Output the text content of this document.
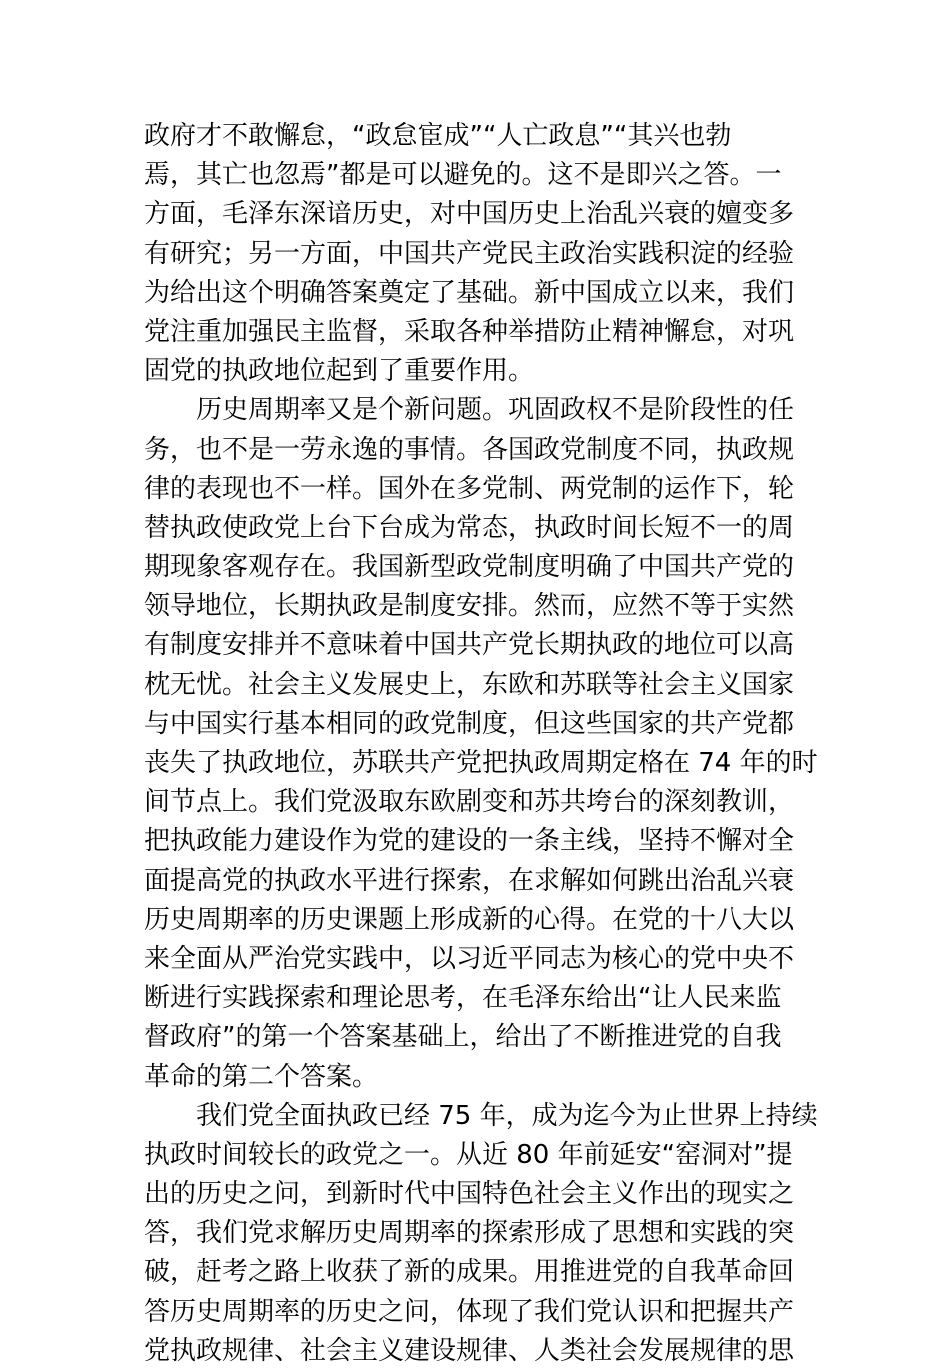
政府才不敢懈怠，“政怠宦成”“人亡政息”“其兴也勃
焉，其亡也忽焉”都是可以避免的。这不是即兴之答。一
方面，毛泽东深谙历史，对中国历史上治乱兴衰的嬗变多
有研究；另一方面，中国共产党民主政治实践积淀的经验
为给出这个明确答案奠定了基础。新中国成立以来，我们
党注重加强民主监督，采取各种举措防止精神懈怠，对巩
固党的执政地位起到了重要作用。
历史周期率又是个新问题。巩固政权不是阶段性的任
务，也不是一劳永逸的事情。各国政党制度不同，执政规
律的表现也不一样。国外在多党制、两党制的运作下，轮
替执政使政党上台下台成为常态，执政时间长短不一的周
期现象客观存在。我国新型政党制度明确了中国共产党的
领导地位，长期执政是制度安排。然而，应然不等于实然
有制度安排并不意味着中国共产党长期执政的地位可以高
枕无忧。社会主义发展史上，东欧和苏联等社会主义国家
与中国实行基本相同的政党制度，但这些国家的共产党都
丧失了执政地位，苏联共产党把执政周期定格在 74 年的时
间节点上。我们党汲取东欧剧变和苏共垮台的深刻教训，
把执政能力建设作为党的建设的一条主线，坚持不懈对全
面提高党的执政水平进行探索，在求解如何跳出治乱兴衰
历史周期率的历史课题上形成新的心得。在党的十八大以
来全面从严治党实践中，以习近平同志为核心的党中央不
断进行实践探索和理论思考，在毛泽东给出“让人民来监
督政府”的第一个答案基础上，给出了不断推进党的自我
革命的第二个答案。
我们党全面执政已经 75 年，成为迄今为止世界上持续
执政时间较长的政党之一。从近 80 年前延安“窑洞对”提
出的历史之问，到新时代中国特色社会主义作出的现实之
答，我们党求解历史周期率的探索形成了思想和实践的突
破，赶考之路上收获了新的成果。用推进党的自我革命回
答历史周期率的历史之问，体现了我们党认识和把握共产
党执政规律、社会主义建设规律、人类社会发展规律的思
